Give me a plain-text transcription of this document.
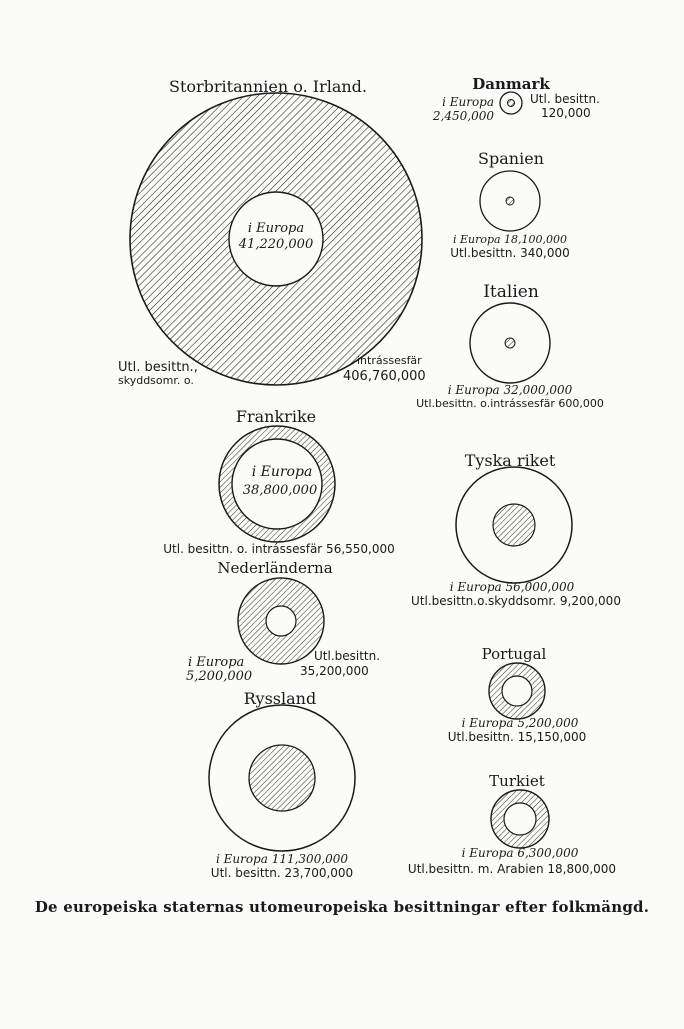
Storbritannien o. Irland.
i Europa
41,220,000
Utl. besittn.,
skyddsomr. o.
intrássesfär
406,760,000
Danmark
i Europa
2,450,000
Utl. besittn.
120,000
Spanien
i Europa 18,100,000
Utl.besittn. 340,000
Italien
i Europa 32,000,000
Utl.besittn. o.intrássesfär 600,000
Frankrike
i Europa
38,800,000
Utl. besittn. o. intrássesfär 56,550,000
Tyska riket
i Europa 56,000,000
Utl.besittn.o.skyddsomr. 9,200,000
Nederländerna
i Europa
5,200,000
Utl.besittn.
35,200,000
Portugal
i Europa 5,200,000
Utl.besittn. 15,150,000
Ryssland
i Europa 111,300,000
Utl. besittn. 23,700,000
Turkiet
i Europa 6,300,000
Utl.besittn. m. Arabien 18,800,000
De europeiska staternas utomeuropeiska besittningar efter folkmängd.
